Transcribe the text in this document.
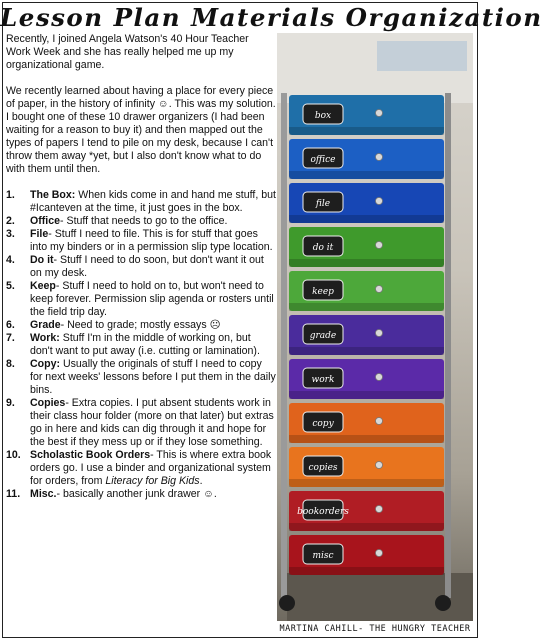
Lesson Plan Materials Organization

Recently, I joined Angela Watson's 40 Hour Teacher Work Week and she has really helped me up my organizational game.

We recently learned about having a place for every piece of paper, in the history of infinity ☺. This was my solution. I bought one of these 10 drawer organizers (I had been waiting for a reason to buy it) and then mapped out the types of papers I tend to pile on my desk, because I can't throw them away *yet, but I also don't know what to do with them until then.

1.	The Box: When kids come in and hand me stuff, but #Icanteven at the time, it just goes in the box.
2.	Office- Stuff that needs to go to the office.
3.	File- Stuff I need to file. This is for stuff that goes into my binders or in a permission slip type location.
4.	Do it- Stuff I need to do soon, but don't want it out on my desk.
5.	Keep- Stuff I need to hold on to, but won't need to keep forever. Permission slip agenda or rosters until the field trip day.
6.	Grade- Need to grade; mostly essays ☹
7.	Work: Stuff I'm in the middle of working on, but don't want to put away (i.e. cutting or lamination).
8.	Copy: Usually the originals of stuff I need to copy for next weeks' lessons before I put them in the daily bins.
9.	Copies- Extra copies. I put absent students work in their class hour folder (more on that later) but extras go in here and kids can dig through it and hope for the best if they mess up or if they lose something.
10. Scholastic Book Orders- This is where extra book orders go. I use a binder and organizational system for orders, from Literacy for Big Kids.
11. Misc.- basically another junk drawer ☺.
box
office
file
do it
keep
grade
work
copy
copies
bookorders
misc
MARTINA CAHILL- THE HUNGRY TEACHER
